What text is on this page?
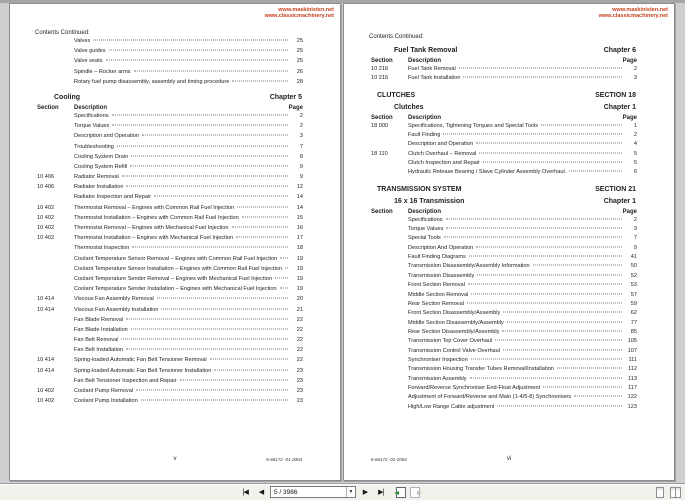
www.maskinisten.net
www.classicmachinery.net
Contents Continued:
Valves	25
Valve guides	25
Valve seats	25
Spindle – Rocker arms	26
Rotary fuel pump disassembly, assembly and timing procedure	28
Cooling	Chapter 5
Section	Description	Page
Specifications	2
Torque Values	2
Description and Operation	3
Troubleshooting	7
Cooling System Drain	8
Cooling System Refill	9
10 406	Radiator Removal	9
10 406	Radiator Installation	12
Radiator Inspection and Repair	14
10 402	Thermostat Removal – Engines with Common Rail Fuel Injection	14
10 402	Thermostat Installation – Engines with Common Rail Fuel Injection	15
10 402	Thermostat Removal – Engines with Mechanical Fuel Injection	16
10 402	Thermostat Installation – Engines with Mechanical Fuel Injection	17
Thermostat Inspection	18
Coolant Temperature Sensor Removal – Engines with Common Rail Fuel Injection	19
Coolant Temperature Sensor Installation – Engines with Common Rail Fuel Injection	19
Coolant Temperature Sender Removal – Engines with Mechanical Fuel Injection	19
Coolant Temperature Sender Installation – Engines with Mechanical Fuel Injection	19
10 414	Viscous Fan Assembly Removal	20
10 414	Viscous Fan Assembly Installation	21
Fan Blade Removal	22
Fan Blade Installation	22
Fan Belt Removal	22
Fan Belt Installation	22
10 414	Spring-loaded Automatic Fan Belt Tensioner Removal	22
10 414	Spring-loaded Automatic Fan Belt Tensioner Installation	23
Fan Belt Tensioner Inspection and Repair	23
10 402	Coolant Pump Removal	23
10 402	Coolant Pump Installation	23
v	6-66172 -01-2004
www.maskinisten.net
www.classicmachinery.net
Contents Continued:
Fuel Tank Removal	Chapter 6
Section	Description	Page
10 216	Fuel Tank Removal	2
10 216	Fuel Tank Installation	3
CLUTCHES	SECTION 18
Clutches	Chapter 1
Section	Description	Page
18 000	Specifications, Tightening Torques and Special Tools	1
Fault Finding	2
Description and Operation	4
18 110	Clutch Overhaul – Removal	5
Clutch Inspection and Repair	5
Hydraulic Release Bearing / Slave Cylinder Assembly Overhaul.	6
TRANSMISSION SYSTEM	SECTION 21
16 x 16 Transmission	Chapter 1
Section	Description	Page
Specifications	2
Torque Values	3
Special Tools	7
Description And Operation	9
Fault Finding Diagrams	41
Transmission Disassembly/Assembly Information	50
Transmission Disassembly	52
Front Section Removal	53
Middle Section Removal	57
Rear Section Removal	59
Front Section Disassembly/Assembly	62
Middle Section Disassembly/Assembly	77
Rear Section Disassembly/Assembly	85
Transmission Top Cover Overhaul	105
Transmission Control Valve Overhaul	107
Synchroniser Inspection	111
Transmission Housing Transfer Tubes Removal/Installation	112
Transmission Assembly	113
Forward/Reverse Synchroniser End-Float Adjustment	117
Adjustment of Forward/Reverse and Main (1-4/5-8) Synchronisers	122
High/Low Range Cable adjustment	123
6-66172 -01-2004	vi
|◀	◀	5 / 3986	▼	▶	▶|
